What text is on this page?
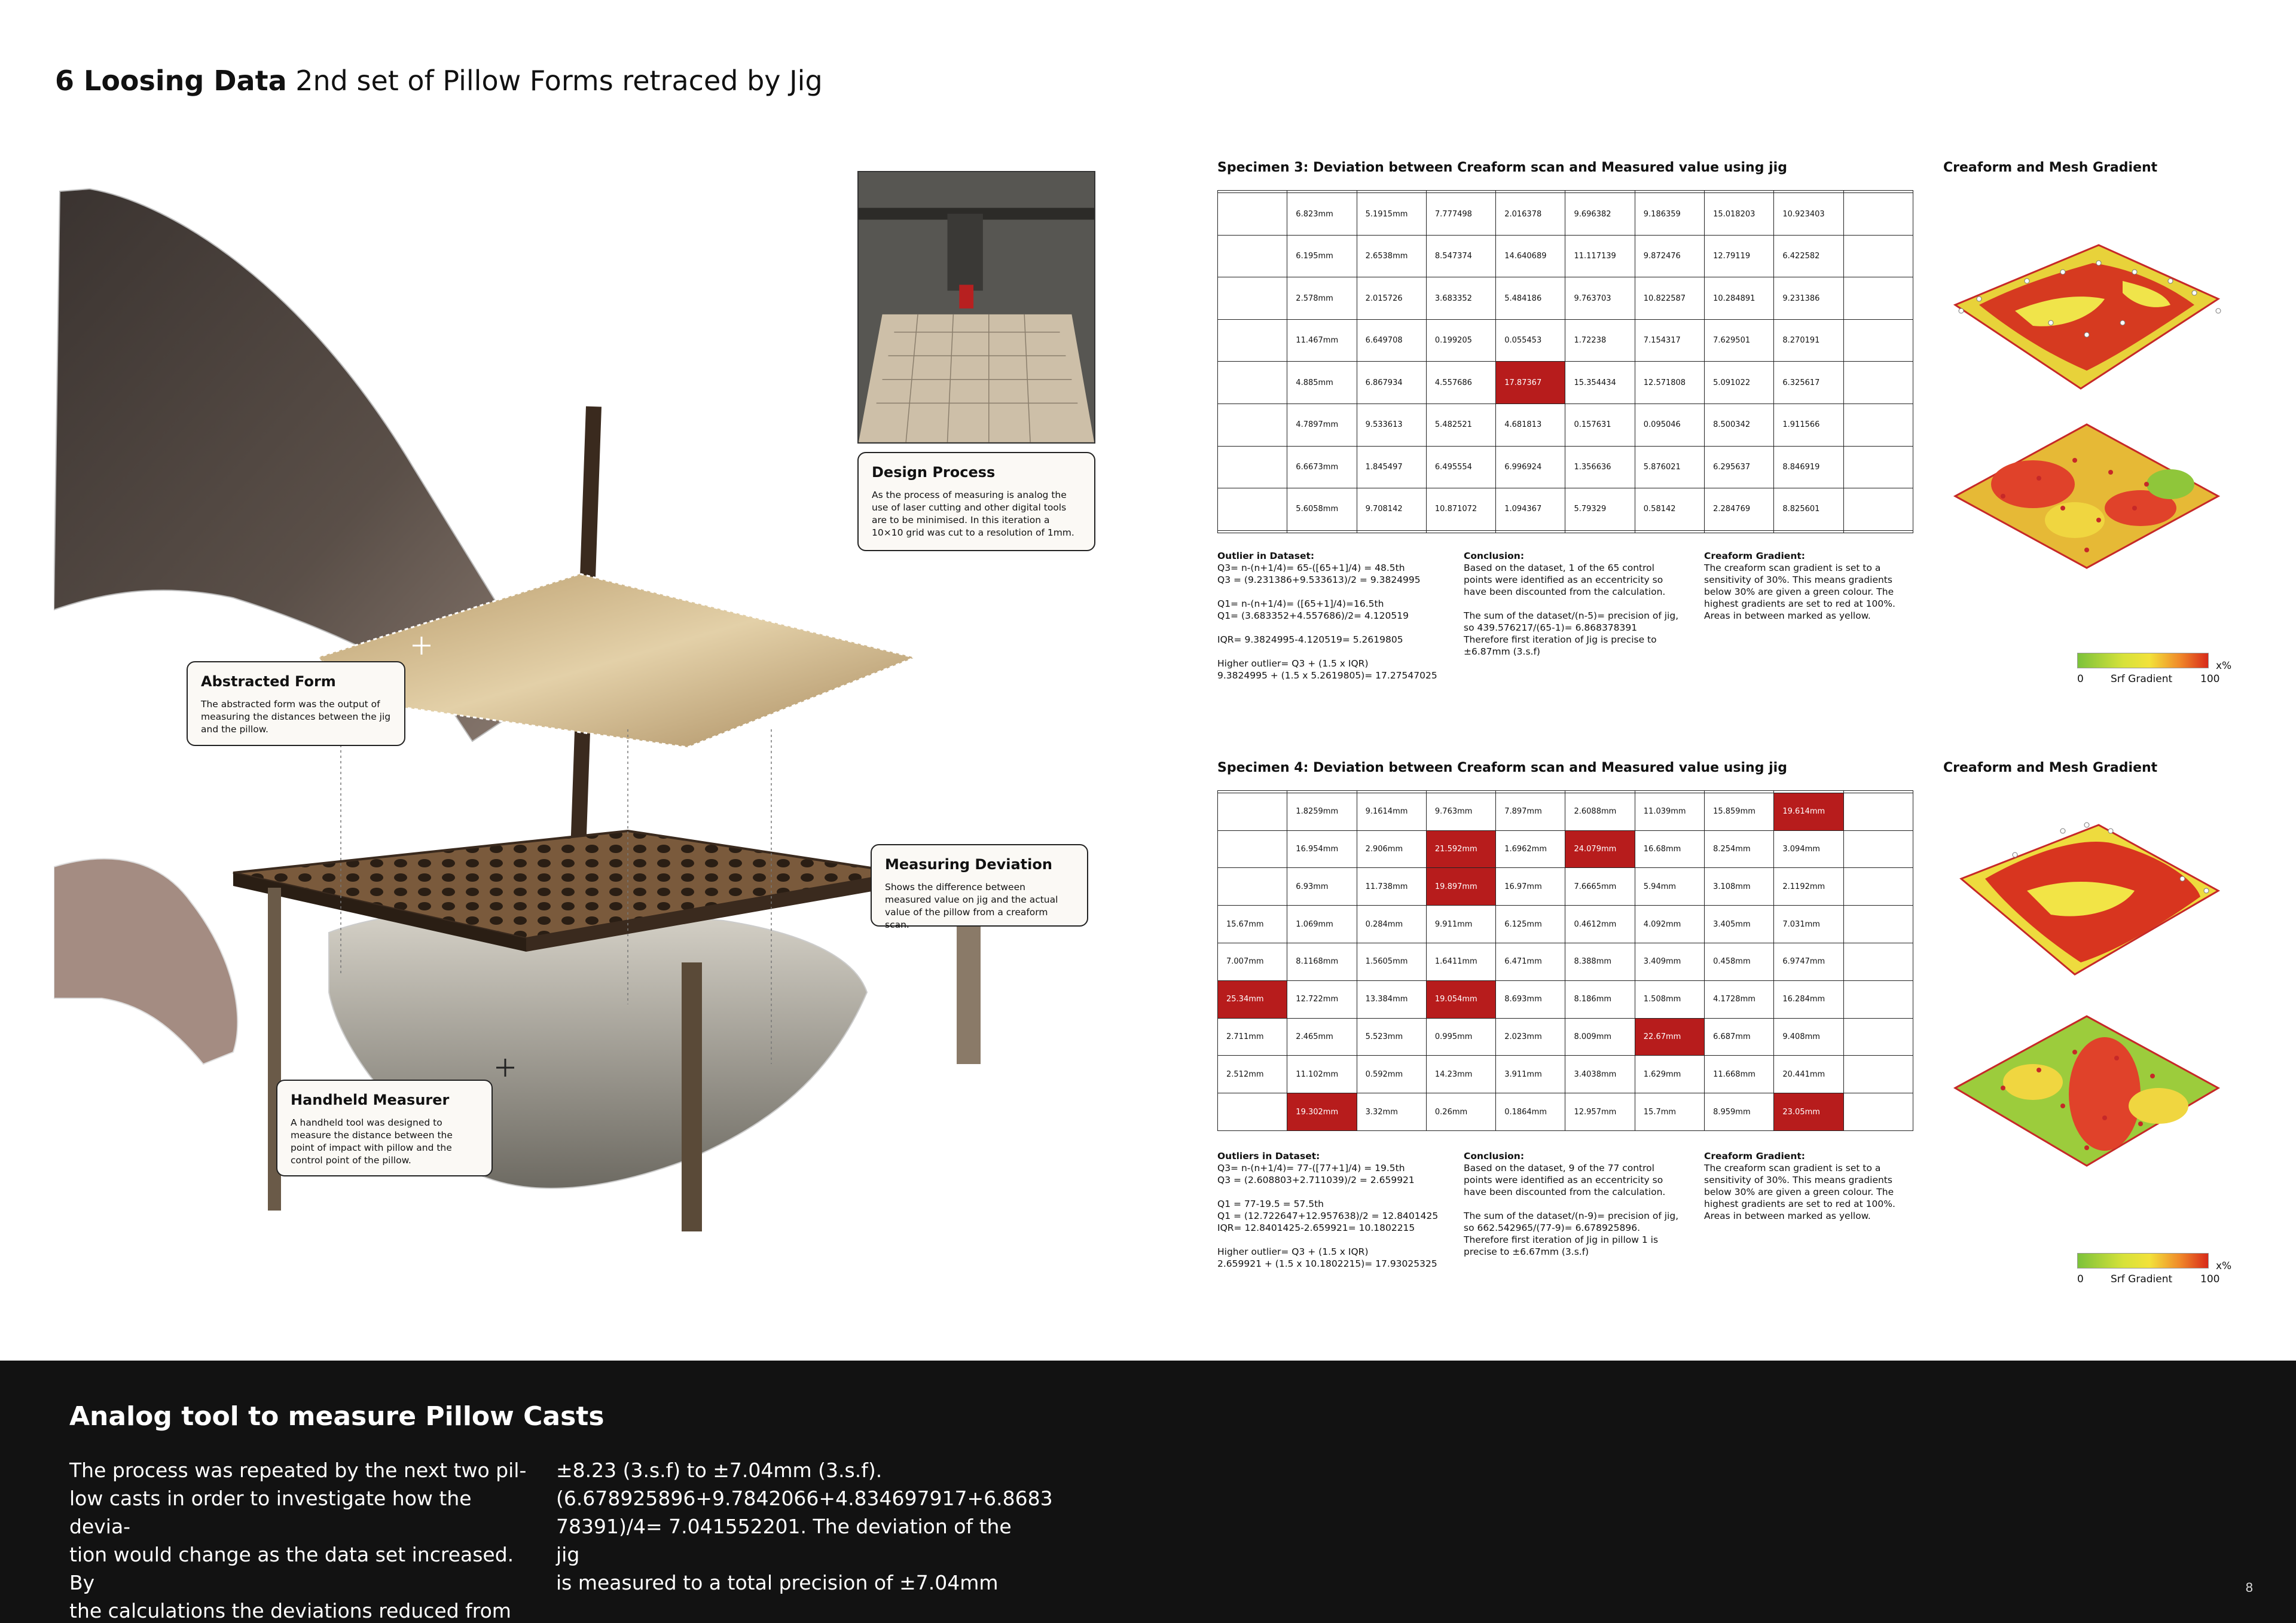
6 Loosing Data 2nd set of Pillow Forms retraced by Jig
Design Process
As the process of measuring is analog the use of laser cutting and other digital tools are to be minimised. In this iteration a 10×10 grid was cut to a resolution of 1mm.
Abstracted Form
The abstracted form was the output of measuring the distances between the jig and the pillow.
Measuring Deviation
Shows the difference between measured value on jig and the actual value of the pillow from a creaform scan.
Handheld Measurer
A handheld tool was designed to measure the distance between the point of impact with pillow and the control point of the pillow.
Specimen 3: Deviation between Creaform scan and Measured value using jig	Creaform and Mesh Gradient

	6.823mm	5.1915mm	7.777498	2.016378	9.696382	9.186359	15.018203	10.923403	
	6.195mm	2.6538mm	8.547374	14.640689	11.117139	9.872476	12.79119	6.422582	
	2.578mm	2.015726	3.683352	5.484186	9.763703	10.822587	10.284891	9.231386	
	11.467mm	6.649708	0.199205	0.055453	1.72238	7.154317	7.629501	8.270191	
	4.885mm	6.867934	4.557686	17.87367	15.354434	12.571808	5.091022	6.325617	
	4.7897mm	9.533613	5.482521	4.681813	0.157631	0.095046	8.500342	1.911566	
	6.6673mm	1.845497	6.495554	6.996924	1.356636	5.876021	6.295637	8.846919	
	5.6058mm	9.708142	10.871072	1.094367	5.79329	0.58142	2.284769	8.825601	

Outlier in Dataset:

Q3= n-(n+1/4)= 65-([65+1]/4) = 48.5th
Q3 = (9.231386+9.533613)/2 = 9.3824995

Q1= n-(n+1/4)= ([65+1]/4)=16.5th
Q1= (3.683352+4.557686)/2= 4.120519

IQR= 9.3824995-4.120519= 5.2619805

Higher outlier= Q3 + (1.5 x IQR)
9.3824995 + (1.5 x 5.2619805)= 17.27547025

Conclusion:

Based on the dataset, 1 of the 65 control points were identified as an eccentricity so have been discounted from the calculation.

The sum of the dataset/(n-5)= precision of jig, so 439.576217/(65-1)= 6.868378391
Therefore first iteration of Jig is precise to ±6.87mm (3.s.f)

Creaform Gradient:

The creaform scan gradient is set to a sensitivity of 30%. This means gradients below 30% are given a green colour. The highest gradients are set to red at 100%. Areas in between marked as yellow.

x%
0	Srf Gradient	100
Specimen 4: Deviation between Creaform scan and Measured value using jig	Creaform and Mesh Gradient

	1.8259mm	9.1614mm	9.763mm	7.897mm	2.6088mm	11.039mm	15.859mm	19.614mm	
	16.954mm	2.906mm	21.592mm	1.6962mm	24.079mm	16.68mm	8.254mm	3.094mm	
	6.93mm	11.738mm	19.897mm	16.97mm	7.6665mm	5.94mm	3.108mm	2.1192mm	
15.67mm	1.069mm	0.284mm	9.911mm	6.125mm	0.4612mm	4.092mm	3.405mm	7.031mm	
7.007mm	8.1168mm	1.5605mm	1.6411mm	6.471mm	8.388mm	3.409mm	0.458mm	6.9747mm	
25.34mm	12.722mm	13.384mm	19.054mm	8.693mm	8.186mm	1.508mm	4.1728mm	16.284mm	
2.711mm	2.465mm	5.523mm	0.995mm	2.023mm	8.009mm	22.67mm	6.687mm	9.408mm	
2.512mm	11.102mm	0.592mm	14.23mm	3.911mm	3.4038mm	1.629mm	11.668mm	20.441mm	
	19.302mm	3.32mm	0.26mm	0.1864mm	12.957mm	15.7mm	8.959mm	23.05mm	
Outliers in Dataset:

Q3= n-(n+1/4)= 77-([77+1]/4) = 19.5th
Q3 = (2.608803+2.711039)/2 = 2.659921

Q1 = 77-19.5 = 57.5th
Q1 = (12.722647+12.957638)/2 = 12.8401425
IQR= 12.8401425-2.659921= 10.1802215

Higher outlier= Q3 + (1.5 x IQR)
2.659921 + (1.5 x 10.1802215)= 17.93025325

Conclusion:

Based on the dataset, 9 of the 77 control points were identified as an eccentricity so have been discounted from the calculation.

The sum of the dataset/(n-9)= precision of jig, so 662.542965/(77-9)= 6.678925896.
Therefore first iteration of Jig in pillow 1 is precise to ±6.67mm (3.s.f)

Creaform Gradient:

The creaform scan gradient is set to a sensitivity of 30%. This means gradients below 30% are given a green colour. The highest gradients are set to red at 100%. Areas in between marked as yellow.

x%
0	Srf Gradient	100
Analog tool to measure Pillow Casts
The process was repeated by the next two pil-
low casts in order to investigate how the devia-
tion would change as the data set increased. By
the calculations the deviations reduced from
±8.23 (3.s.f) to ±7.04mm (3.s.f).
(6.678925896+9.7842066+4.834697917+6.8683
78391)/4= 7.041552201. The deviation of the jig
is measured to a total precision of ±7.04mm	8
